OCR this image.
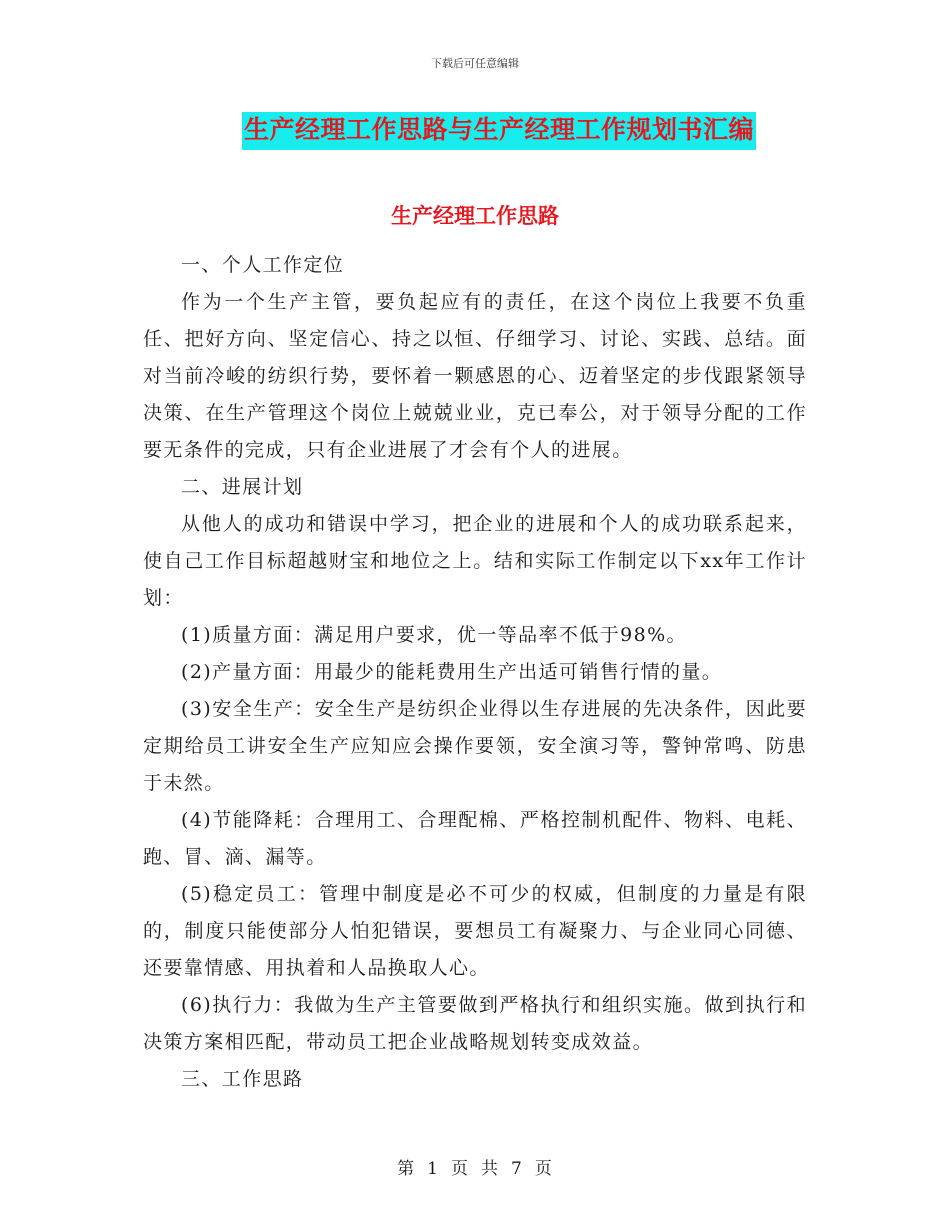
下载后可任意编辑
生产经理工作思路与生产经理工作规划书汇编
生产经理工作思路

一、个人工作定位

作为一个生产主管，要负起应有的责任，在这个岗位上我要不负重任、把好方向、坚定信心、持之以恒、仔细学习、讨论、实践、总结。面对当前冷峻的纺织行势，要怀着一颗感恩的心、迈着坚定的步伐跟紧领导决策、在生产管理这个岗位上兢兢业业，克已奉公，对于领导分配的工作要无条件的完成，只有企业进展了才会有个人的进展。

二、进展计划

从他人的成功和错误中学习，把企业的进展和个人的成功联系起来，使自己工作目标超越财宝和地位之上。结和实际工作制定以下xx年工作计划：

(1)质量方面：满足用户要求，优一等品率不低于98%。

(2)产量方面：用最少的能耗费用生产出适可销售行情的量。

(3)安全生产：安全生产是纺织企业得以生存进展的先决条件，因此要定期给员工讲安全生产应知应会操作要领，安全演习等，警钟常鸣、防患于未然。

(4)节能降耗：合理用工、合理配棉、严格控制机配件、物料、电耗、跑、冒、滴、漏等。

(5)稳定员工：管理中制度是必不可少的权威，但制度的力量是有限的，制度只能使部分人怕犯错误，要想员工有凝聚力、与企业同心同德、还要靠情感、用执着和人品换取人心。

(6)执行力：我做为生产主管要做到严格执行和组织实施。做到执行和决策方案相匹配，带动员工把企业战略规划转变成效益。

三、工作思路

第 1 页 共 7 页
